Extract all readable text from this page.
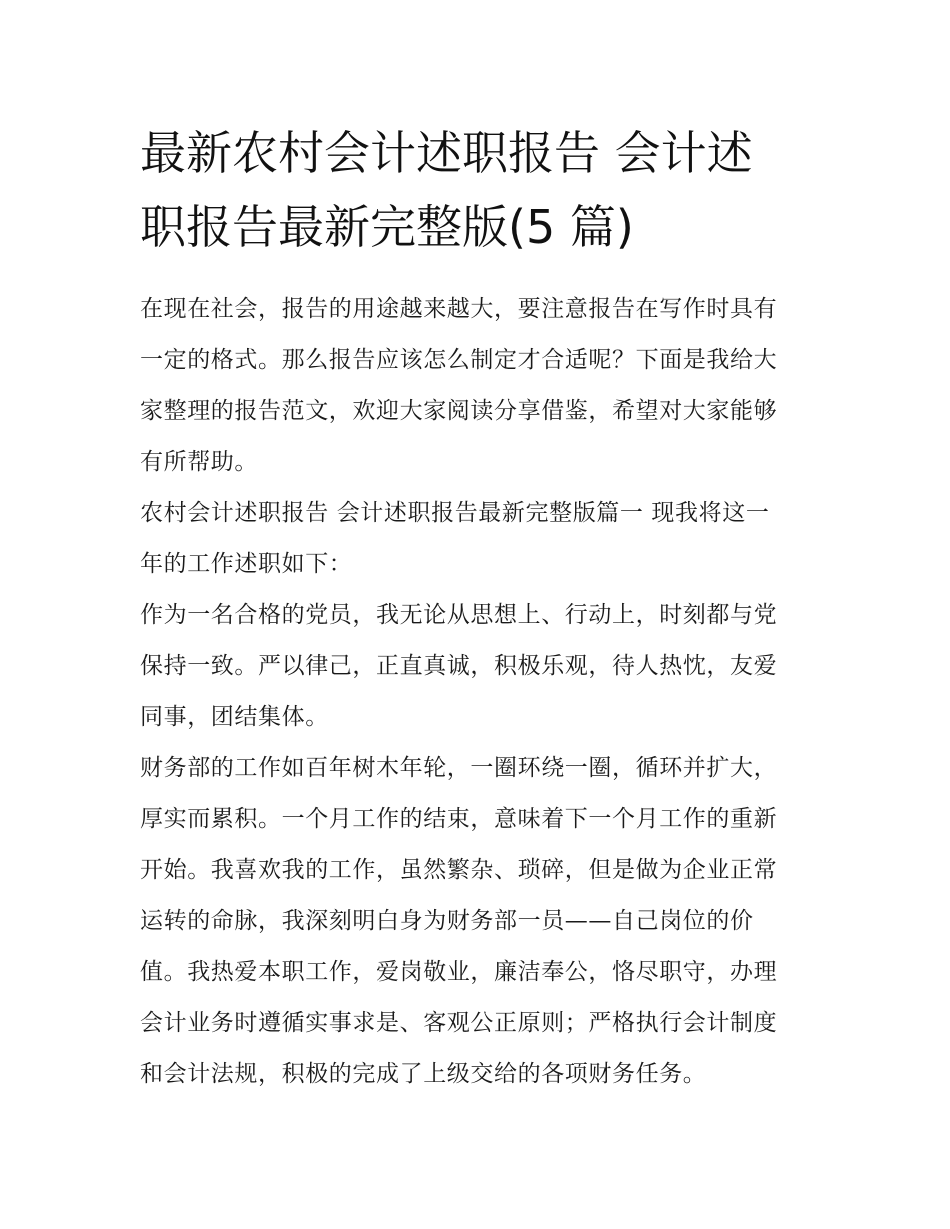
最新农村会计述职报告 会计述
职报告最新完整版(5 篇)

在现在社会，报告的用途越来越大，要注意报告在写作时具有
一定的格式。那么报告应该怎么制定才合适呢？下面是我给大
家整理的报告范文，欢迎大家阅读分享借鉴，希望对大家能够
有所帮助。

农村会计述职报告 会计述职报告最新完整版篇一 现我将这一
年的工作述职如下：

作为一名合格的党员，我无论从思想上、行动上，时刻都与党
保持一致。严以律己，正直真诚，积极乐观，待人热忱，友爱
同事，团结集体。

财务部的工作如百年树木年轮，一圈环绕一圈，循环并扩大，
厚实而累积。一个月工作的结束，意味着下一个月工作的重新
开始。我喜欢我的工作，虽然繁杂、琐碎，但是做为企业正常
运转的命脉，我深刻明白身为财务部一员——自己岗位的价
值。我热爱本职工作，爱岗敬业，廉洁奉公，恪尽职守，办理
会计业务时遵循实事求是、客观公正原则；严格执行会计制度
和会计法规，积极的完成了上级交给的各项财务任务。
